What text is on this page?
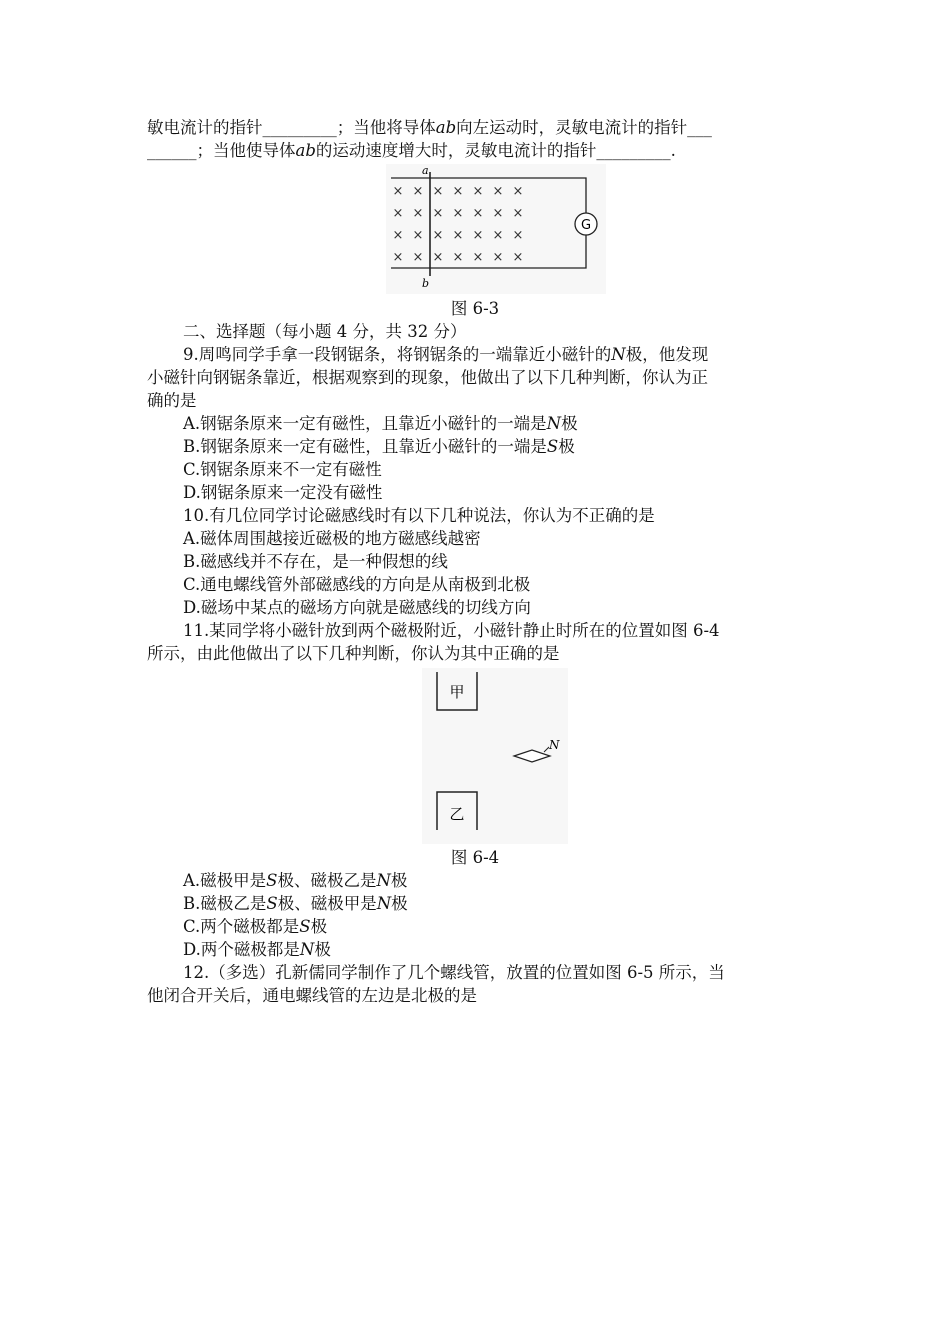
敏电流计的指针_________；当他将导体ab向左运动时，灵敏电流计的指针___
______；当他使导体ab的运动速度增大时，灵敏电流计的指针_________.
G
a
b
× × × × × × ×
× × × × × × ×
× × × × × × ×
× × × × × × ×
图 6-3
二、选择题（每小题 4 分，共 32 分）
9.周鸣同学手拿一段钢锯条，将钢锯条的一端靠近小磁针的N极，他发现
小磁针向钢锯条靠近，根据观察到的现象，他做出了以下几种判断，你认为正
确的是
A.钢锯条原来一定有磁性，且靠近小磁针的一端是N极
B.钢锯条原来一定有磁性，且靠近小磁针的一端是S极
C.钢锯条原来不一定有磁性
D.钢锯条原来一定没有磁性
10.有几位同学讨论磁感线时有以下几种说法，你认为不正确的是
A.磁体周围越接近磁极的地方磁感线越密
B.磁感线并不存在，是一种假想的线
C.通电螺线管外部磁感线的方向是从南极到北极
D.磁场中某点的磁场方向就是磁感线的切线方向
11.某同学将小磁针放到两个磁极附近，小磁针静止时所在的位置如图 6-4
所示，由此他做出了以下几种判断，你认为其中正确的是
甲
乙
N
图 6-4
A.磁极甲是S极、磁极乙是N极
B.磁极乙是S极、磁极甲是N极
C.两个磁极都是S极
D.两个磁极都是N极
12.（多选）孔新儒同学制作了几个螺线管，放置的位置如图 6-5 所示，当
他闭合开关后，通电螺线管的左边是北极的是
